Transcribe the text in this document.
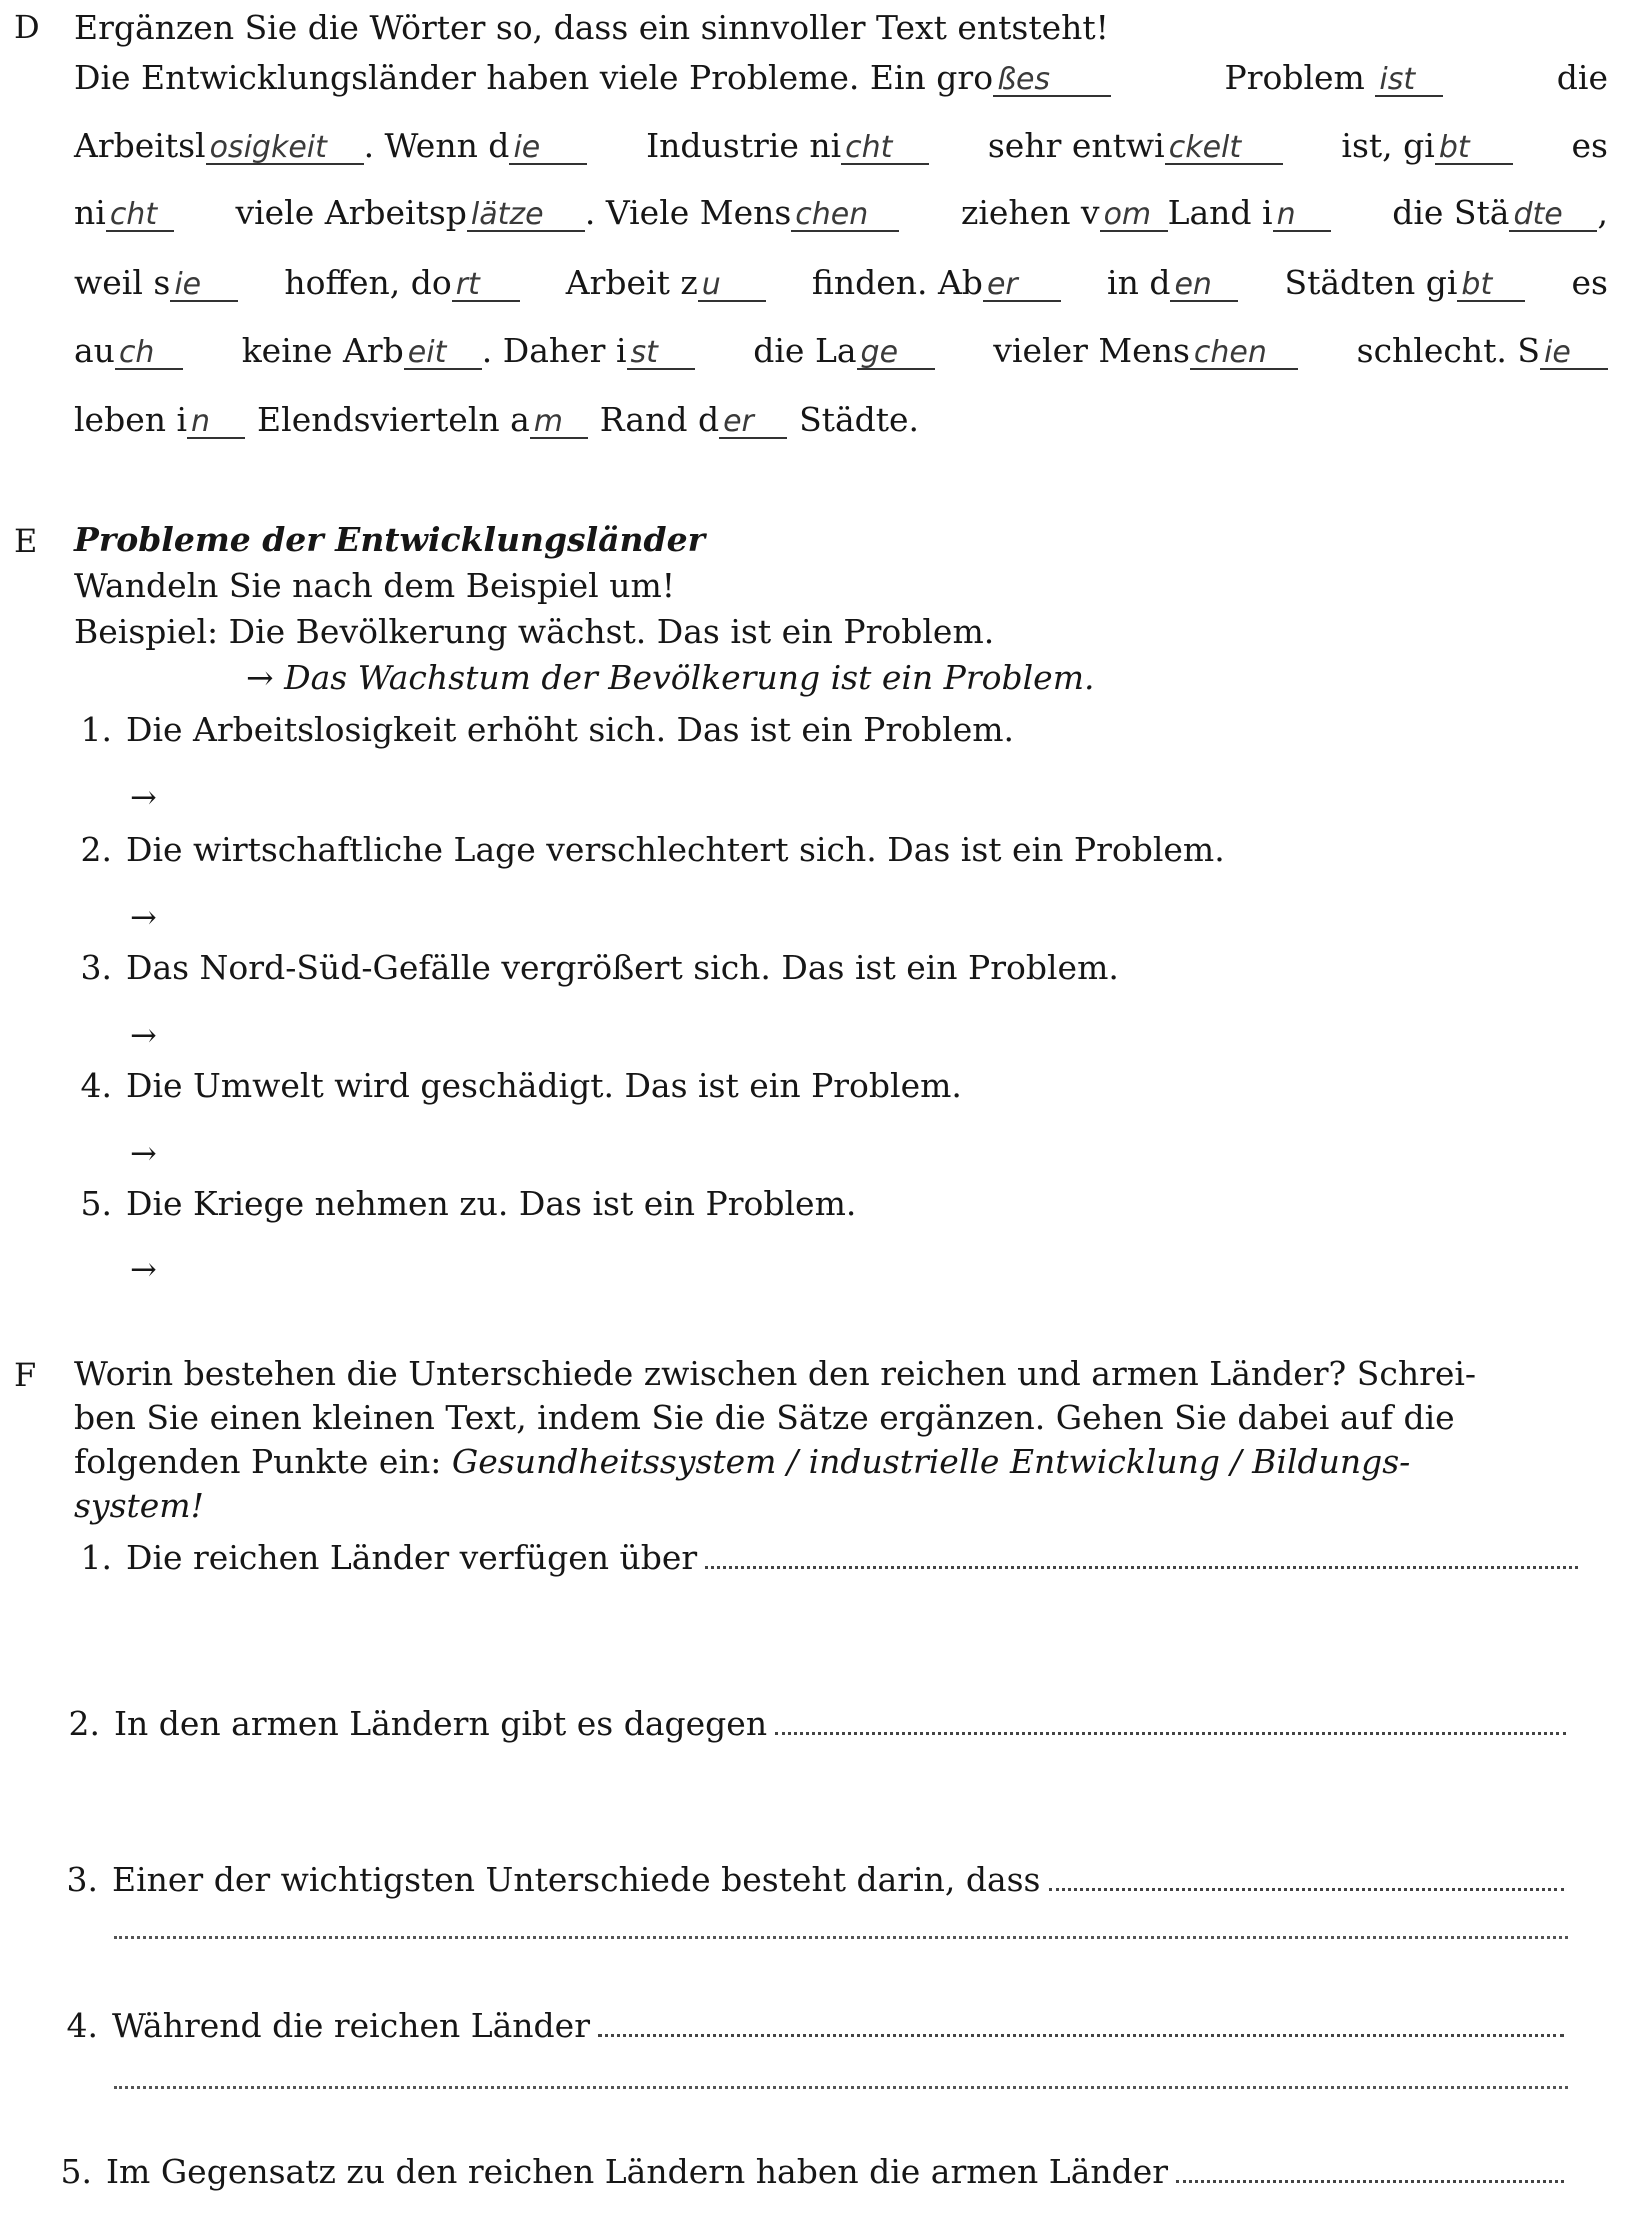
D Ergänzen Sie die Wörter so, dass ein sinnvoller Text entsteht!
Die Entwicklungsländer haben viele Probleme. Ein gro ßes	Problem ist	die
Arbeitsl osigkeit . Wenn d ie	Industrie ni cht	sehr entwi ckelt	ist, gi bt	es
ni cht	viele Arbeitsp lätze . Viele Mens chen	ziehen v om Land i n	die Stä dte ,
weil s ie	hoffen, do rt	Arbeit z u	finden. Ab er	in d en	Städten gi bt	es
au ch	keine Arb eit . Daher i st	die La ge	vieler Mens chen	schlecht. S ie
leben i n	Elendsvierteln a m	Rand d er	Städte.
E Probleme der Entwicklungsländer
Wandeln Sie nach dem Beispiel um!
Beispiel: Die Bevölkerung wächst. Das ist ein Problem.
→ Das Wachstum der Bevölkerung ist ein Problem.
1. Die Arbeitslosigkeit erhöht sich. Das ist ein Problem.
→
2. Die wirtschaftliche Lage verschlechtert sich. Das ist ein Problem.
→
3. Das Nord-Süd-Gefälle vergrößert sich. Das ist ein Problem.
→
4. Die Umwelt wird geschädigt. Das ist ein Problem.
→
5. Die Kriege nehmen zu. Das ist ein Problem.
→
F Worin bestehen die Unterschiede zwischen den reichen und armen Länder? Schrei-
ben Sie einen kleinen Text, indem Sie die Sätze ergänzen. Gehen Sie dabei auf die
folgenden Punkte ein: Gesundheitssystem / industrielle Entwicklung / Bildungs-
system!
1. Die reichen Länder verfügen über
2. In den armen Ländern gibt es dagegen
3. Einer der wichtigsten Unterschiede besteht darin, dass
4. Während die reichen Länder
5. Im Gegensatz zu den reichen Ländern haben die armen Länder
